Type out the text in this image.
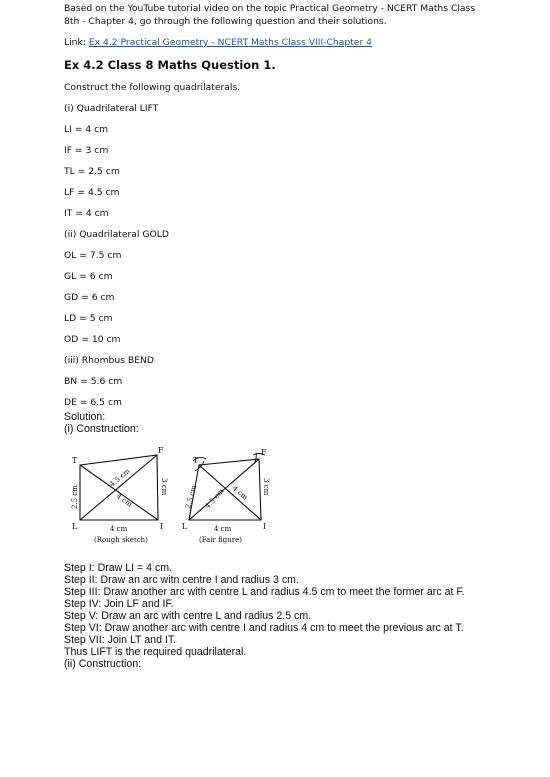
Based on the YouTube tutorial video on the topic Practical Geometry - NCERT Maths Class 8th - Chapter 4, go through the following question and their solutions.
Link: Ex 4.2 Practical Geometry - NCERT Maths Class VIII-Chapter 4
Ex 4.2 Class 8 Maths Question 1.
Construct the following quadrilaterals.
(i) Quadrilateral LIFT
LI = 4 cm
IF = 3 cm
TL = 2.5 cm
LF = 4.5 cm
IT = 4 cm
(ii) Quadrilateral GOLD
OL = 7.5 cm
GL = 6 cm
GD = 6 cm
LD = 5 cm
OD = 10 cm
(iii) Rhombus BEND
BN = 5.6 cm
DE = 6.5 cm
Solution:
(i) Construction:
T
F
L	I
2.5 cm
4.5 cm	3 cm
4 cm
4 cm
(Rough sketch)
T
F
L	I
2.5 cm 4.5 cm 4 cm 3 cm
4 cm
(Fair figure)
Step I: Draw LI = 4 cm.
Step II: Draw an arc witn centre I and radius 3 cm.
Step III: Draw another arc with centre L and radius 4.5 cm to meet the former arc at F.
Step IV: Join LF and IF.
Step V: Draw an arc with centre L and radius 2.5 cm.
Step VI: Draw another arc with centre I and radius 4 cm to meet the previous arc at T.
Step VII: Join LT and IT.
Thus LIFT is the required quadrilateral.
(ii) Construction:
